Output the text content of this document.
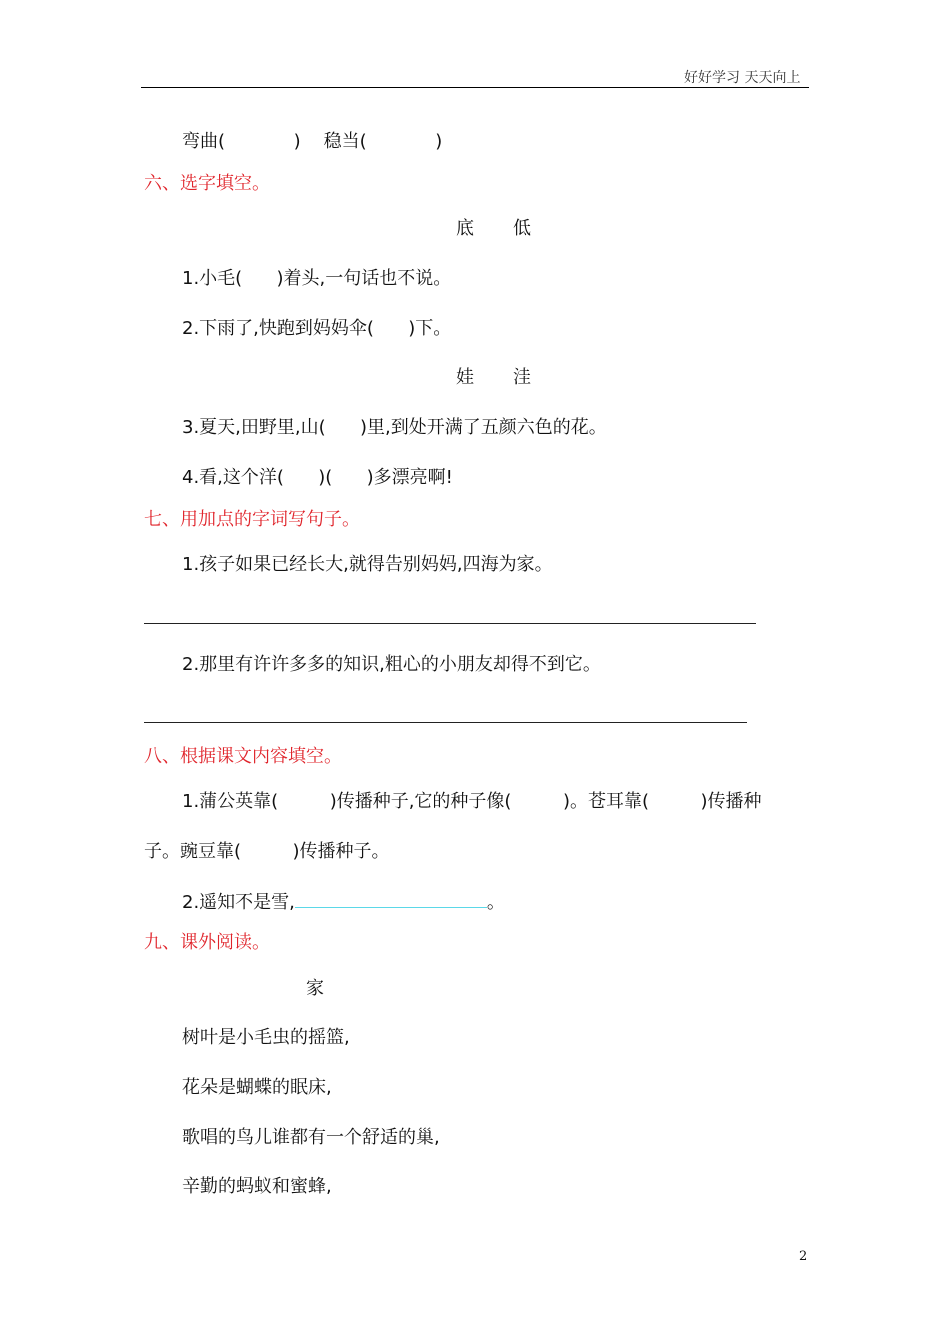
好好学习 天天向上
弯曲(            )    稳当(            )
六、选字填空。
底 低
1.小毛(      )着头,一句话也不说。
2.下雨了,快跑到妈妈伞(      )下。
娃 洼
3.夏天,田野里,山(      )里,到处开满了五颜六色的花。
4.看,这个洋(      )(      )多漂亮啊!
七、用加点的字词写句子。
1.孩子如果已经长大,就得告别妈妈,四海为家。
2.那里有许许多多的知识,粗心的小朋友却得不到它。
八、根据课文内容填空。
1.蒲公英靠(         )传播种子,它的种子像(         )。苍耳靠(         )传播种
子。豌豆靠(         )传播种子。
2.遥知不是雪,	。
九、课外阅读。
家
树叶是小毛虫的摇篮,
花朵是蝴蝶的眠床,
歌唱的鸟儿谁都有一个舒适的巢,
辛勤的蚂蚁和蜜蜂,
2
